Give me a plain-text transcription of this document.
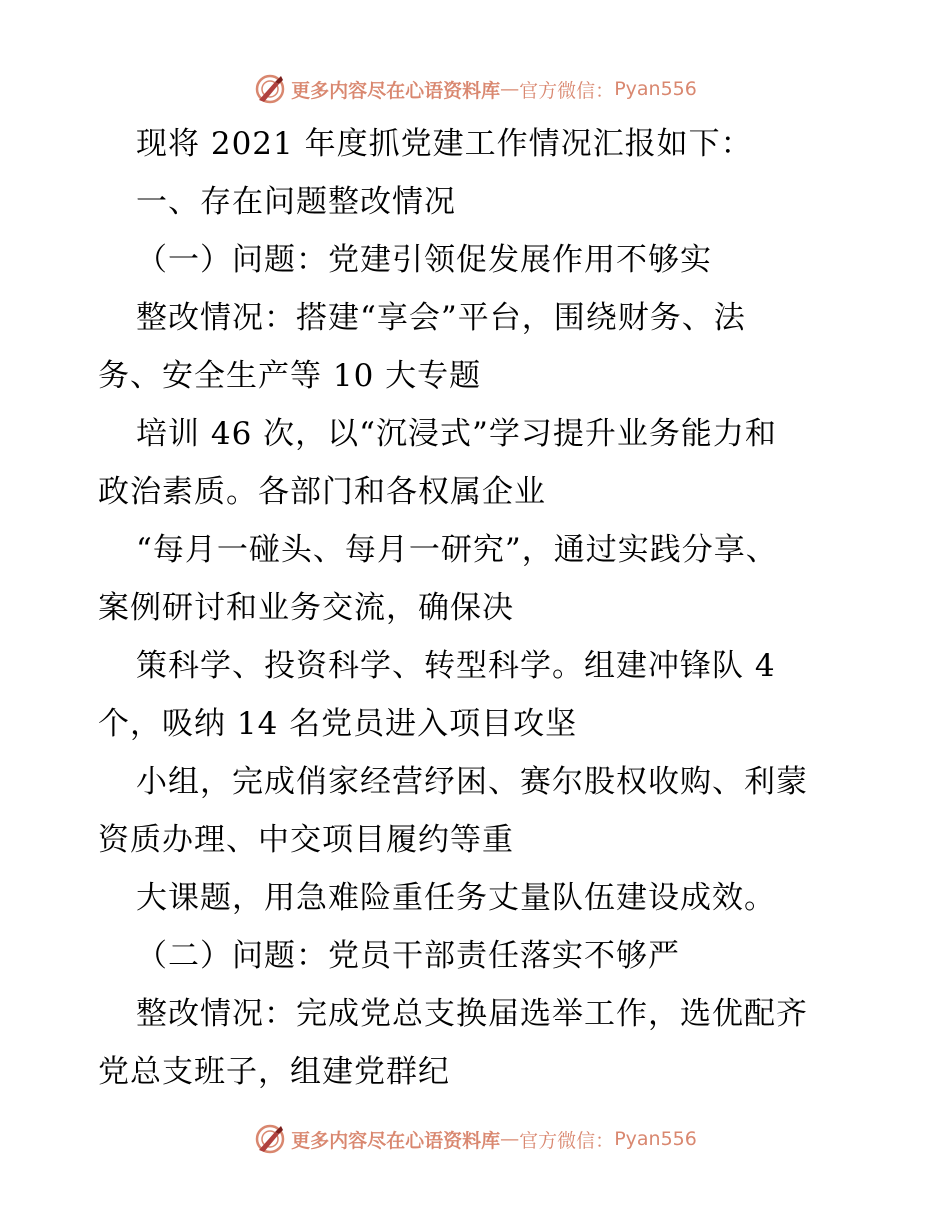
更多内容尽在心语资料库 — 官方微信： Pyan556
现将 2021 年度抓党建工作情况汇报如下：
一、存在问题整改情况
（一）问题：党建引领促发展作用不够实
整改情况：搭建“享会”平台，围绕财务、法
务、安全生产等 10 大专题
培训 46 次，以“沉浸式”学习提升业务能力和
政治素质。各部门和各权属企业
“每月一碰头、每月一研究”，通过实践分享、
案例研讨和业务交流，确保决
策科学、投资科学、转型科学。组建冲锋队 4
个，吸纳 14 名党员进入项目攻坚
小组，完成俏家经营纾困、赛尔股权收购、利蒙
资质办理、中交项目履约等重
大课题，用急难险重任务丈量队伍建设成效。
（二）问题：党员干部责任落实不够严
整改情况：完成党总支换届选举工作，选优配齐
党总支班子，组建党群纪
更多内容尽在心语资料库 — 官方微信： Pyan556
